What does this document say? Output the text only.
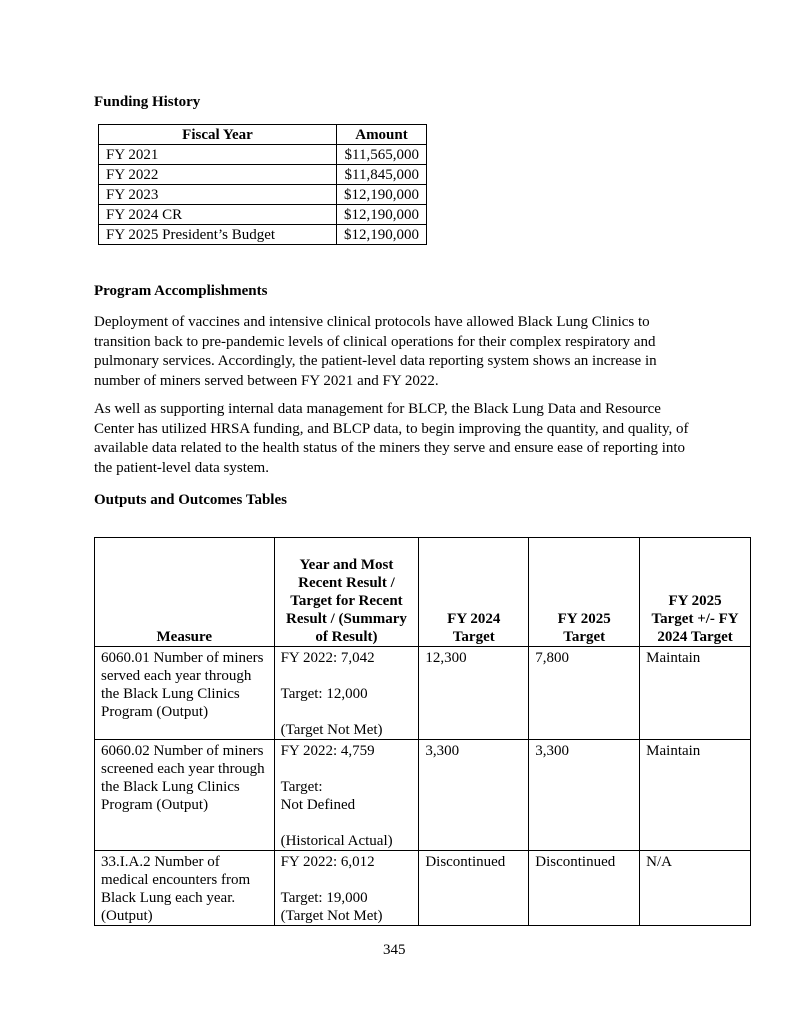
Funding History
Fiscal Year	Amount
FY 2021	$11,565,000
FY 2022	$11,845,000
FY 2023	$12,190,000
FY 2024 CR	$12,190,000
FY 2025 President’s Budget	$12,190,000
Program Accomplishments

Deployment of vaccines and intensive clinical protocols have allowed Black Lung Clinics to transition back to pre-pandemic levels of clinical operations for their complex respiratory and pulmonary services. Accordingly, the patient-level data reporting system shows an increase in number of miners served between FY 2021 and FY 2022.

As well as supporting internal data management for BLCP, the Black Lung Data and Resource Center has utilized HRSA funding, and BLCP data, to begin improving the quantity, and quality, of available data related to the health status of the miners they serve and ensure ease of reporting into the patient-level data system.

Outputs and Outcomes Tables
Measure	Year and Most Recent Result / Target for Recent Result / (Summary of Result)	FY 2024 Target	FY 2025 Target	FY 2025 Target +/- FY 2024 Target
6060.01 Number of miners served each year through the Black Lung Clinics Program (Output)	FY 2022: 7,042
Target: 12,000
(Target Not Met)	12,300	7,800	Maintain
6060.02 Number of miners screened each year through the Black Lung Clinics Program (Output)	FY 2022: 4,759
Target:
Not Defined
(Historical Actual)	3,300	3,300	Maintain
33.I.A.2 Number of medical encounters from Black Lung each year. (Output)	FY 2022: 6,012
Target: 19,000
(Target Not Met)	Discontinued	Discontinued	N/A

345
